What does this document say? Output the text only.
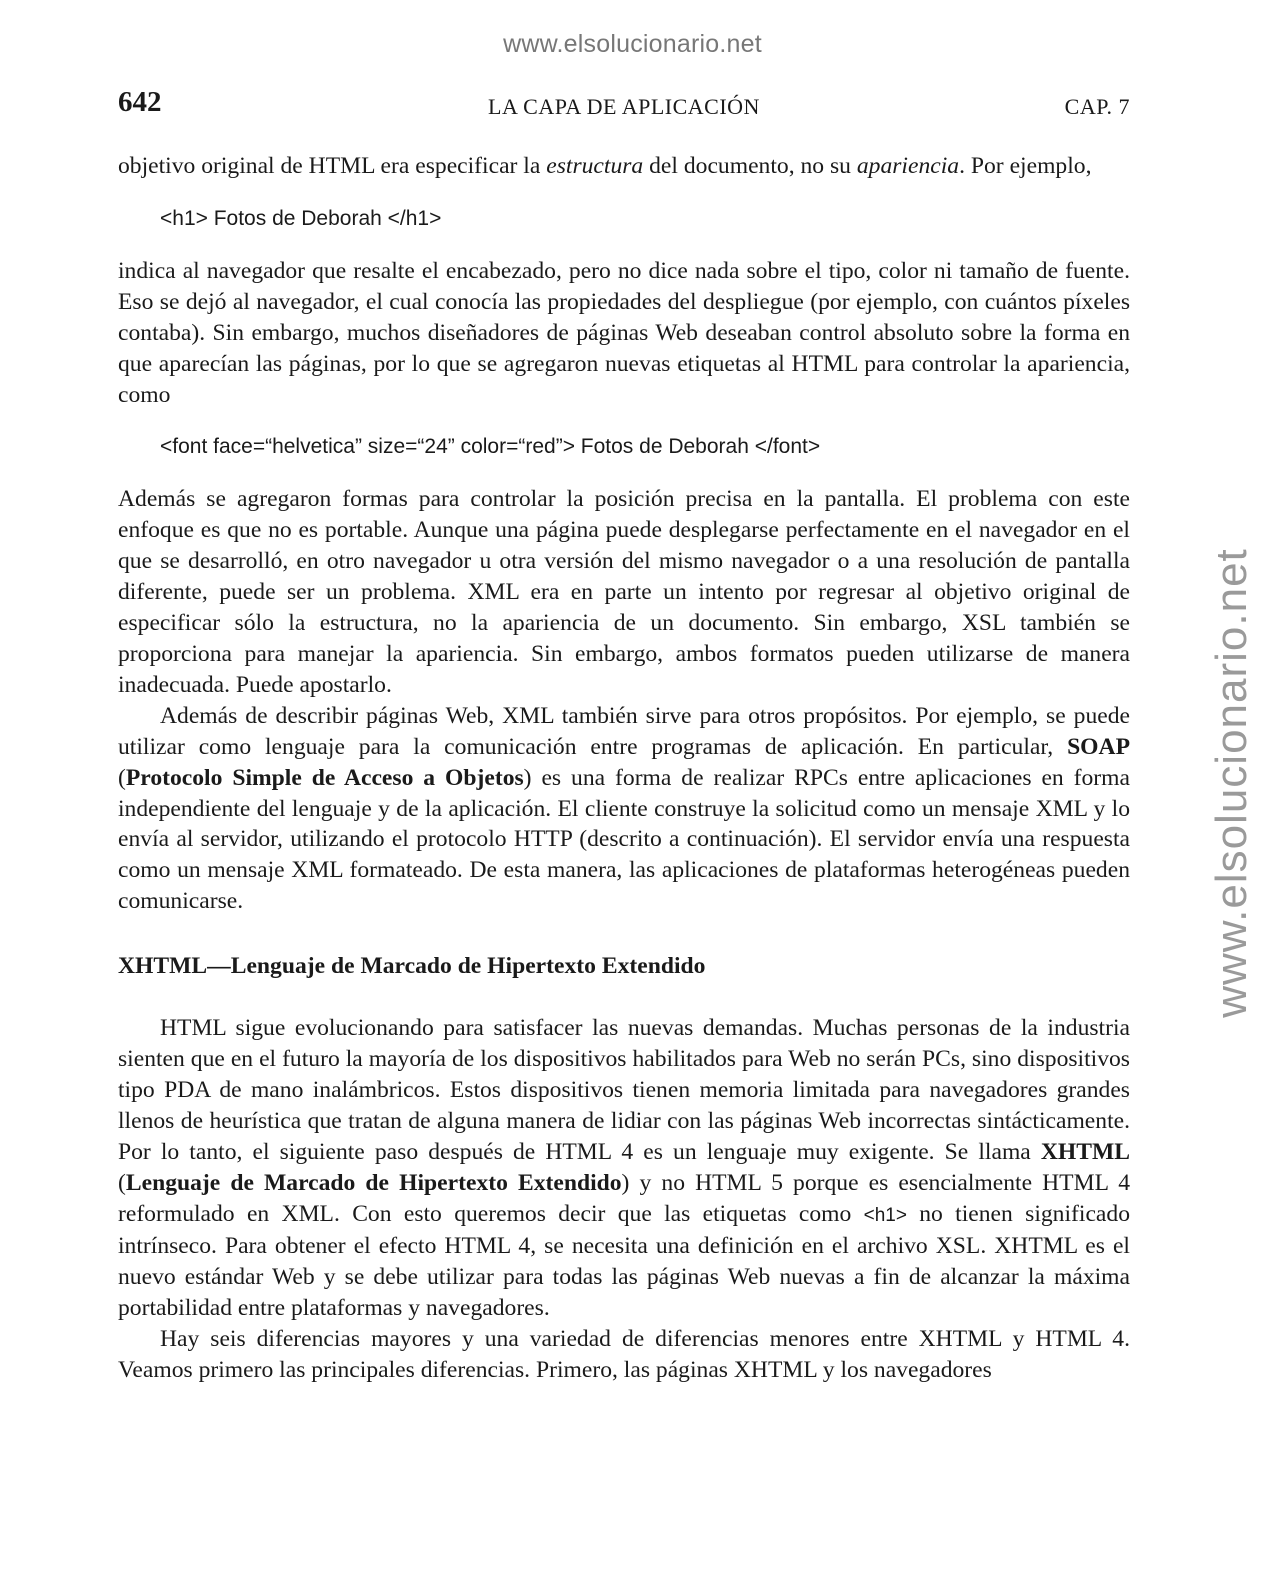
www.elsolucionario.net
www.elsolucionario.net
642	LA CAPA DE APLICACIÓN	CAP. 7

objetivo original de HTML era especificar la estructura del documento, no su apariencia. Por ejemplo,

<h1> Fotos de Deborah </h1>

indica al navegador que resalte el encabezado, pero no dice nada sobre el tipo, color ni tamaño de fuente. Eso se dejó al navegador, el cual conocía las propiedades del despliegue (por ejemplo, con cuántos píxeles contaba). Sin embargo, muchos diseñadores de páginas Web deseaban control absoluto sobre la forma en que aparecían las páginas, por lo que se agregaron nuevas etiquetas al HTML para controlar la apariencia, como

<font face=“helvetica” size=“24” color=“red”> Fotos de Deborah </font>

Además se agregaron formas para controlar la posición precisa en la pantalla. El problema con este enfoque es que no es portable. Aunque una página puede desplegarse perfectamente en el navegador en el que se desarrolló, en otro navegador u otra versión del mismo navegador o a una resolución de pantalla diferente, puede ser un problema. XML era en parte un intento por regresar al objetivo original de especificar sólo la estructura, no la apariencia de un documento. Sin embargo, XSL también se proporciona para manejar la apariencia. Sin embargo, ambos formatos pueden utilizarse de manera inadecuada. Puede apostarlo.

Además de describir páginas Web, XML también sirve para otros propósitos. Por ejemplo, se puede utilizar como lenguaje para la comunicación entre programas de aplicación. En particular, SOAP (Protocolo Simple de Acceso a Objetos) es una forma de realizar RPCs entre aplicaciones en forma independiente del lenguaje y de la aplicación. El cliente construye la solicitud como un mensaje XML y lo envía al servidor, utilizando el protocolo HTTP (descrito a continuación). El servidor envía una respuesta como un mensaje XML formateado. De esta manera, las aplicaciones de plataformas heterogéneas pueden comunicarse.

XHTML—Lenguaje de Marcado de Hipertexto Extendido

HTML sigue evolucionando para satisfacer las nuevas demandas. Muchas personas de la industria sienten que en el futuro la mayoría de los dispositivos habilitados para Web no serán PCs, sino dispositivos tipo PDA de mano inalámbricos. Estos dispositivos tienen memoria limitada para navegadores grandes llenos de heurística que tratan de alguna manera de lidiar con las páginas Web incorrectas sintácticamente. Por lo tanto, el siguiente paso después de HTML 4 es un lenguaje muy exigente. Se llama XHTML (Lenguaje de Marcado de Hipertexto Extendido) y no HTML 5 porque es esencialmente HTML 4 reformulado en XML. Con esto queremos decir que las etiquetas como <h1> no tienen significado intrínseco. Para obtener el efecto HTML 4, se necesita una definición en el archivo XSL. XHTML es el nuevo estándar Web y se debe utilizar para todas las páginas Web nuevas a fin de alcanzar la máxima portabilidad entre plataformas y navegadores.

Hay seis diferencias mayores y una variedad de diferencias menores entre XHTML y HTML 4. Veamos primero las principales diferencias. Primero, las páginas XHTML y los navegadores
